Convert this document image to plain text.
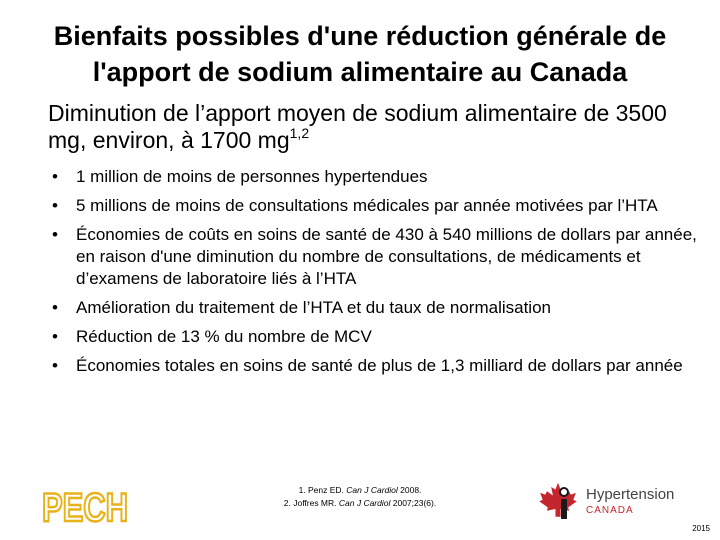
Bienfaits possibles d'une réduction générale de l'apport de sodium alimentaire au Canada

Diminution de l’apport moyen de sodium alimentaire de 3500 mg, environ, à 1700 mg$^{1,2}$

• 1 million de moins de personnes hypertendues
• 5 millions de moins de consultations médicales par année motivées par l’HTA
• Économies de coûts en soins de santé de 430 à 540 millions de dollars par année, en raison d'une diminution du nombre de consultations, de médicaments et d’examens de laboratoire liés à l’HTA
• Amélioration du traitement de l’HTA et du taux de normalisation
• Réduction de 13 % du nombre de MCV
• Économies totales en soins de santé de plus de 1,3 milliard de dollars par année
PECH	1. Penz ED. Can J Cardiol 2008.
2. Joffres MR. Can J Cardiol 2007;23(6).	Hypertension
CANADA
2015
